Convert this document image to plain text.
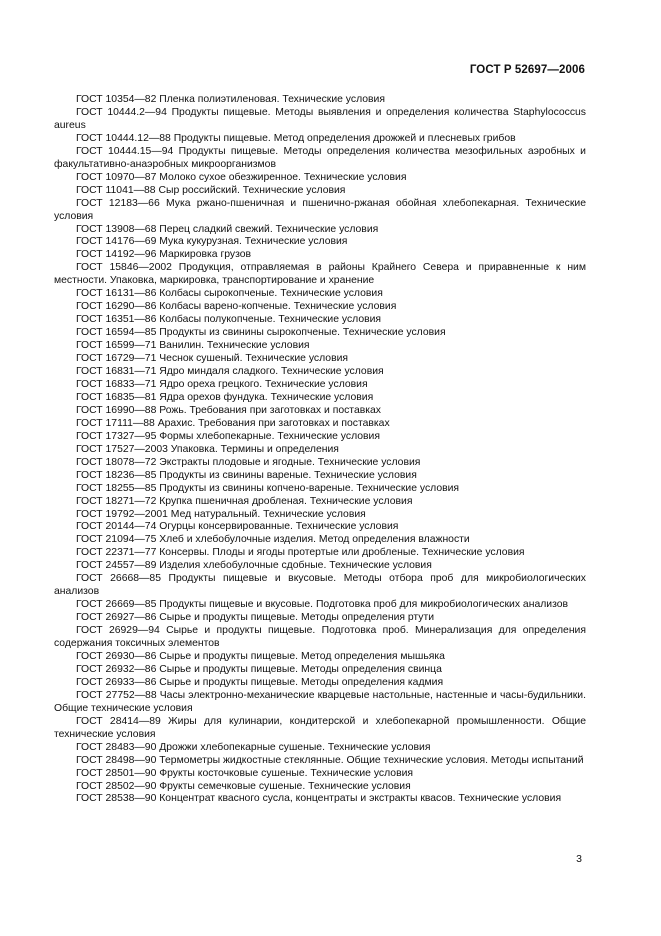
ГОСТ Р 52697—2006

ГОСТ 10354—82 Пленка полиэтиленовая. Технические условия

ГОСТ 10444.2—94 Продукты пищевые. Методы выявления и определения количества Staphylococcus aureus

ГОСТ 10444.12—88 Продукты пищевые. Метод определения дрожжей и плесневых грибов

ГОСТ 10444.15—94 Продукты пищевые. Методы определения количества мезофильных аэробных и факультативно-анаэробных микроорганизмов

ГОСТ 10970—87 Молоко сухое обезжиренное. Технические условия

ГОСТ 11041—88 Сыр российский. Технические условия

ГОСТ 12183—66 Мука ржано-пшеничная и пшенично-ржаная обойная хлебопекарная. Технические условия

ГОСТ 13908—68 Перец сладкий свежий. Технические условия

ГОСТ 14176—69 Мука кукурузная. Технические условия

ГОСТ 14192—96 Маркировка грузов

ГОСТ 15846—2002 Продукция, отправляемая в районы Крайнего Севера и приравненные к ним местности. Упаковка, маркировка, транспортирование и хранение

ГОСТ 16131—86 Колбасы сырокопченые. Технические условия

ГОСТ 16290—86 Колбасы варено-копченые. Технические условия

ГОСТ 16351—86 Колбасы полукопченые. Технические условия

ГОСТ 16594—85 Продукты из свинины сырокопченые. Технические условия

ГОСТ 16599—71 Ванилин. Технические условия

ГОСТ 16729—71 Чеснок сушеный. Технические условия

ГОСТ 16831—71 Ядро миндаля сладкого. Технические условия

ГОСТ 16833—71 Ядро ореха грецкого. Технические условия

ГОСТ 16835—81 Ядра орехов фундука. Технические условия

ГОСТ 16990—88 Рожь. Требования при заготовках и поставках

ГОСТ 17111—88 Арахис. Требования при заготовках и поставках

ГОСТ 17327—95 Формы хлебопекарные. Технические условия

ГОСТ 17527—2003 Упаковка. Термины и определения

ГОСТ 18078—72 Экстракты плодовые и ягодные. Технические условия

ГОСТ 18236—85 Продукты из свинины вареные. Технические условия

ГОСТ 18255—85 Продукты из свинины копчено-вареные. Технические условия

ГОСТ 18271—72 Крупка пшеничная дробленая. Технические условия

ГОСТ 19792—2001 Мед натуральный. Технические условия

ГОСТ 20144—74 Огурцы консервированные. Технические условия

ГОСТ 21094—75 Хлеб и хлебобулочные изделия. Метод определения влажности

ГОСТ 22371—77 Консервы. Плоды и ягоды протертые или дробленые. Технические условия

ГОСТ 24557—89 Изделия хлебобулочные сдобные. Технические условия

ГОСТ 26668—85 Продукты пищевые и вкусовые. Методы отбора проб для микробиологических анализов

ГОСТ 26669—85 Продукты пищевые и вкусовые. Подготовка проб для микробиологических анализов

ГОСТ 26927—86 Сырье и продукты пищевые. Методы определения ртути

ГОСТ 26929—94 Сырье и продукты пищевые. Подготовка проб. Минерализация для определения содержания токсичных элементов

ГОСТ 26930—86 Сырье и продукты пищевые. Метод определения мышьяка

ГОСТ 26932—86 Сырье и продукты пищевые. Методы определения свинца

ГОСТ 26933—86 Сырье и продукты пищевые. Методы определения кадмия

ГОСТ 27752—88 Часы электронно-механические кварцевые настольные, настенные и часы-будильники. Общие технические условия

ГОСТ 28414—89 Жиры для кулинарии, кондитерской и хлебопекарной промышленности. Общие технические условия

ГОСТ 28483—90 Дрожжи хлебопекарные сушеные. Технические условия

ГОСТ 28498—90 Термометры жидкостные стеклянные. Общие технические условия. Методы испытаний

ГОСТ 28501—90 Фрукты косточковые сушеные. Технические условия

ГОСТ 28502—90 Фрукты семечковые сушеные. Технические условия

ГОСТ 28538—90 Концентрат квасного сусла, концентраты и экстракты квасов. Технические условия

3
